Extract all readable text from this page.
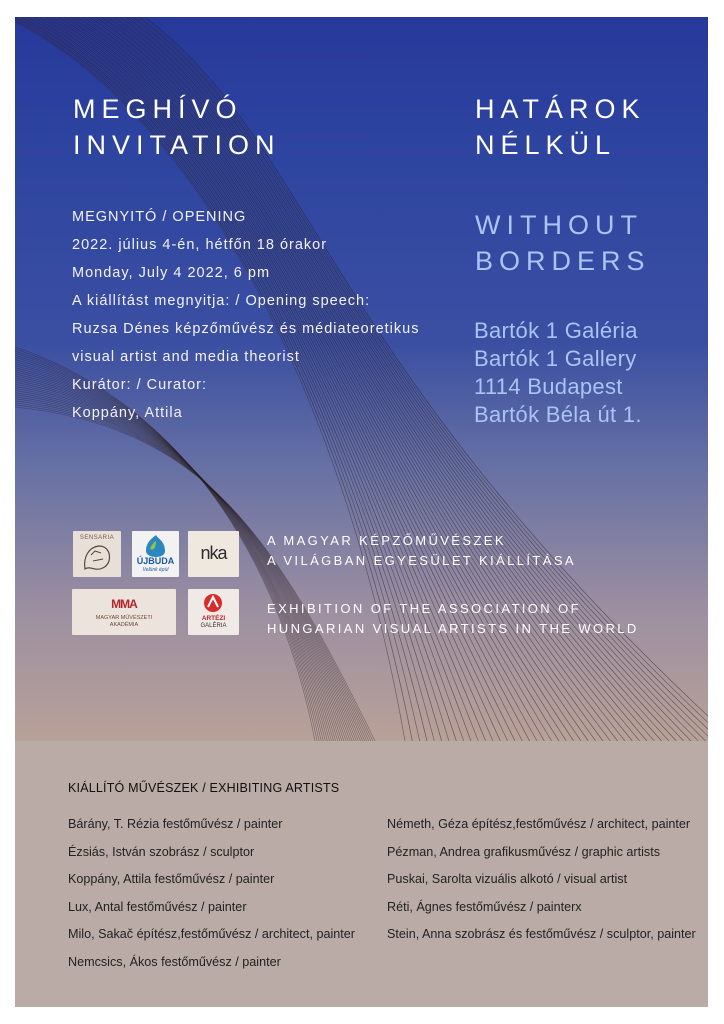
MEGHÍVÓ
INVITATION
HATÁROK
NÉLKÜL
WITHOUT
BORDERS
MEGNYITÓ / OPENING
2022. július 4-én, hétfőn 18 órakor
Monday, July 4 2022, 6 pm
A kiállítást megnyitja: / Opening speech:
Ruzsa Dénes képzőművész és médiateoretikus
visual artist and media theorist
Kurátor: / Curator:
Koppány, Attila
Bartók 1 Galéria
Bartók 1 Gallery
1114 Budapest
Bartók Béla út 1.
SENSARIA
ÚJBUDA
Velünk épül
nka
MMA
MAGYAR MŰVÉSZETI AKADÉMIA
ARTÉZI
GALÉRIA
A MAGYAR KÉPZŐMŰVÉSZEK
A VILÁGBAN EGYESÜLET KIÁLLÍTÁSA
EXHIBITION OF THE ASSOCIATION OF
HUNGARIAN VISUAL ARTISTS IN THE WORLD
KIÁLLÍTÓ MŰVÉSZEK / EXHIBITING ARTISTS
Bárány, T. Rézia festőművész / painter
Ézsiás, István szobrász / sculptor
Koppány, Attila festőművész / painter
Lux, Antal festőművész / painter
Milo, Sakač építész,festőművész / architect, painter
Nemcsics, Ákos festőművész / painter
Németh, Géza építész,festőművész / architect, painter
Pézman, Andrea grafikusművész / graphic artists
Puskai, Sarolta vizuális alkotó / visual artist
Réti, Ágnes festőművész / painterx
Stein, Anna szobrász és festőművész / sculptor, painter
